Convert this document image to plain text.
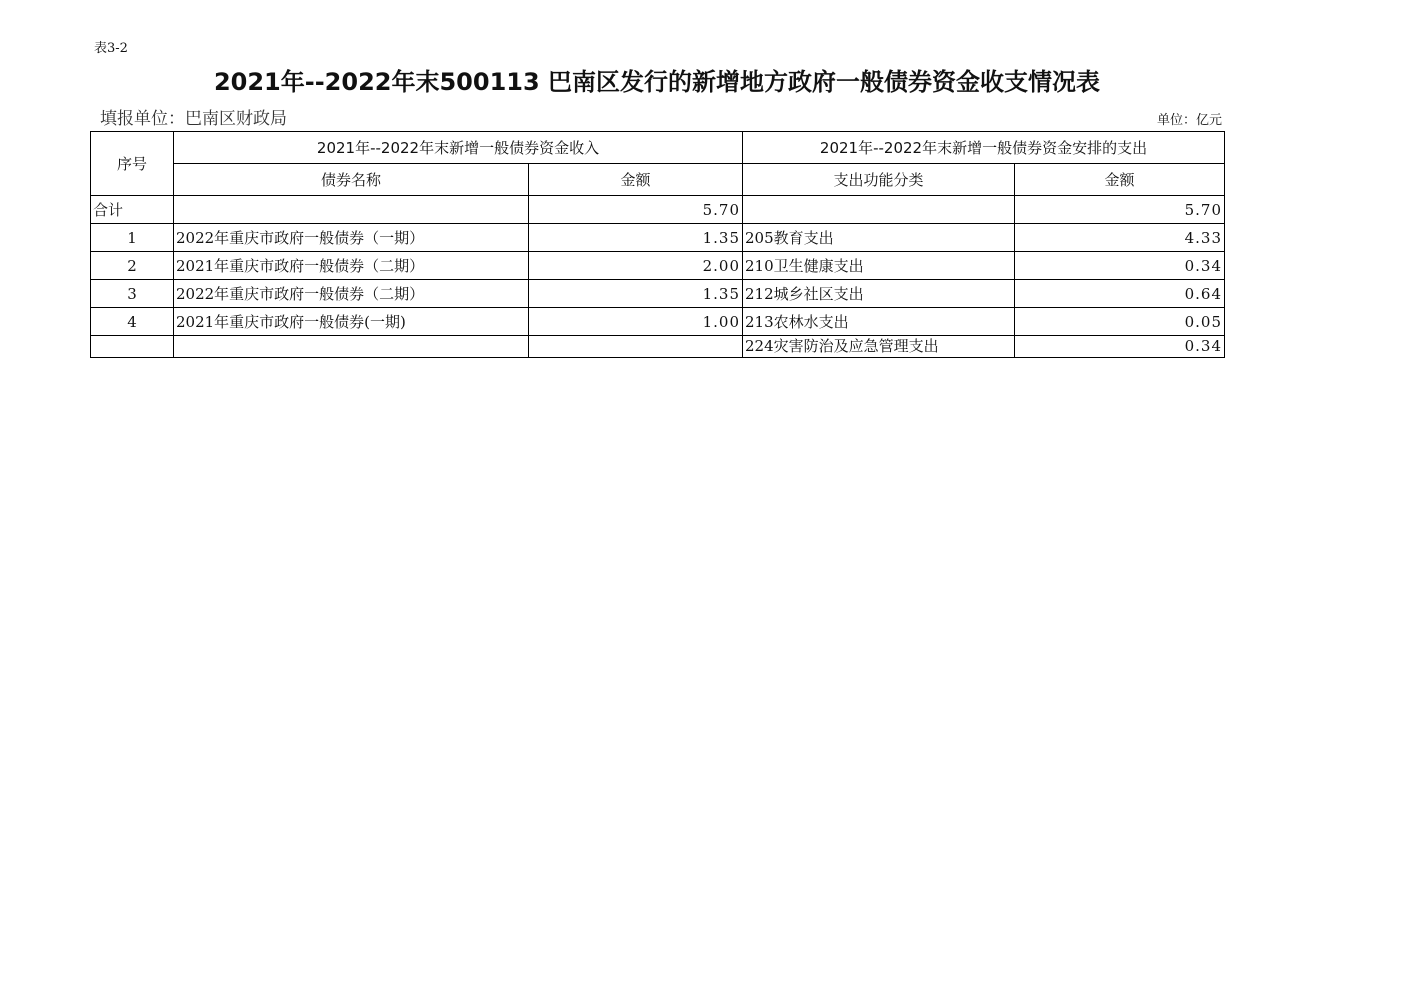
表3-2
2021年--2022年末500113 巴南区发行的新增地方政府一般债券资金收支情况表
填报单位：巴南区财政局	单位：亿元
序号	2021年--2022年末新增一般债券资金收入		2021年--2022年末新增一般债券资金安排的支出	
	债券名称	金额	支出功能分类	金额
合计		5.70		5.70
1	2022年重庆市政府一般债券（一期）	1.35	205教育支出	4.33
2	2021年重庆市政府一般债券（二期）	2.00	210卫生健康支出	0.34
3	2022年重庆市政府一般债券（二期）	1.35	212城乡社区支出	0.64
4	2021年重庆市政府一般债券(一期)	1.00	213农林水支出	0.05
			224灾害防治及应急管理支出	0.34
